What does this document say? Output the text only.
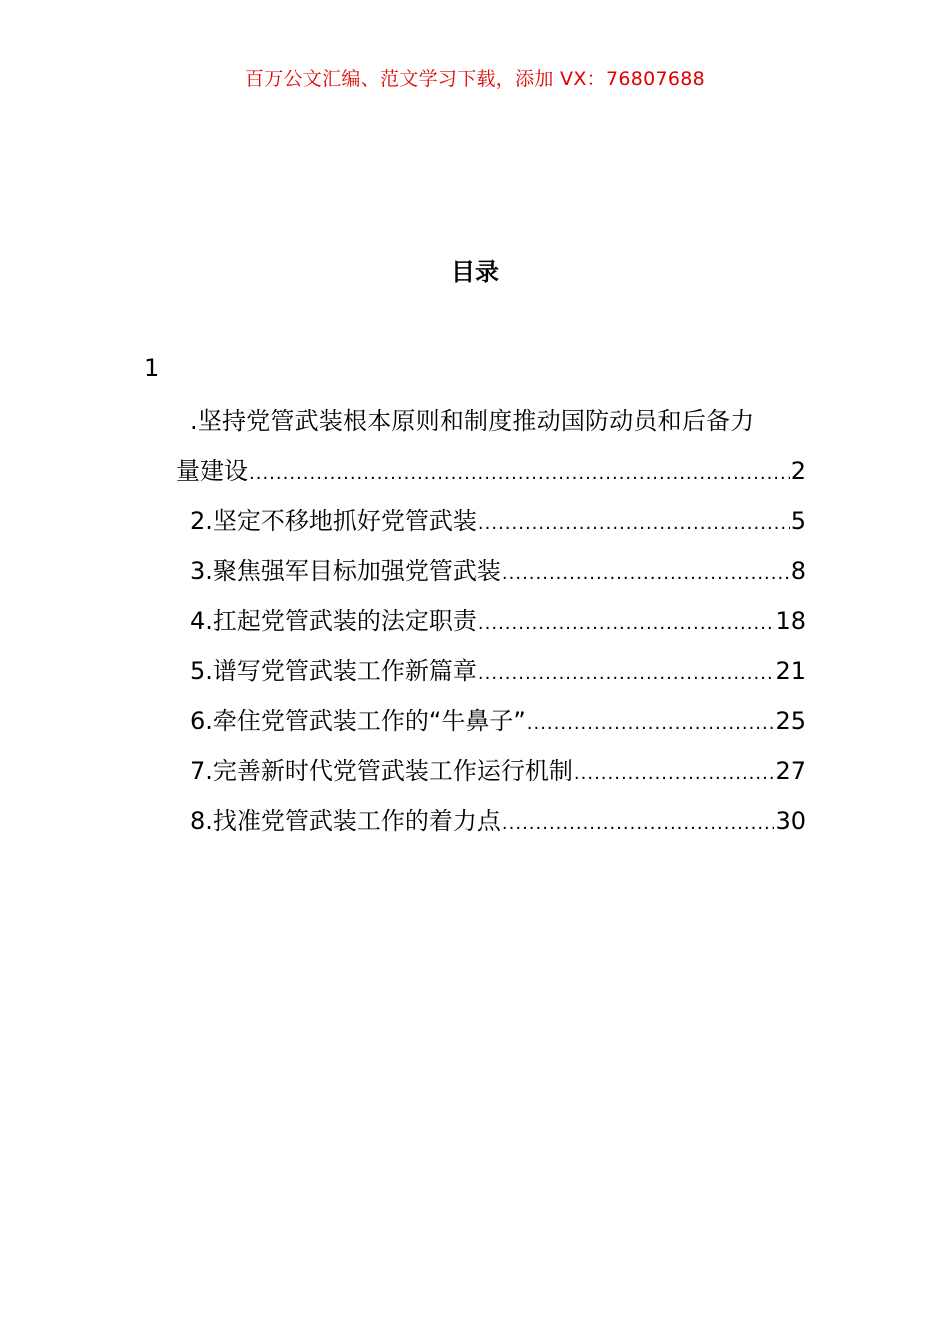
百万公文汇编、范文学习下载，添加 VX：76807688
目录
1
.坚持党管武装根本原则和制度推动国防动员和后备力
量建设 .....	2
2.坚定不移地抓好党管武装 .....	5
3.聚焦强军目标加强党管武装 .....	8
4.扛起党管武装的法定职责 .....	18
5.谱写党管武装工作新篇章 .....	21
6.牵住党管武装工作的“牛鼻子” .....	25
7.完善新时代党管武装工作运行机制 .....	27
8.找准党管武装工作的着力点 .....	30
